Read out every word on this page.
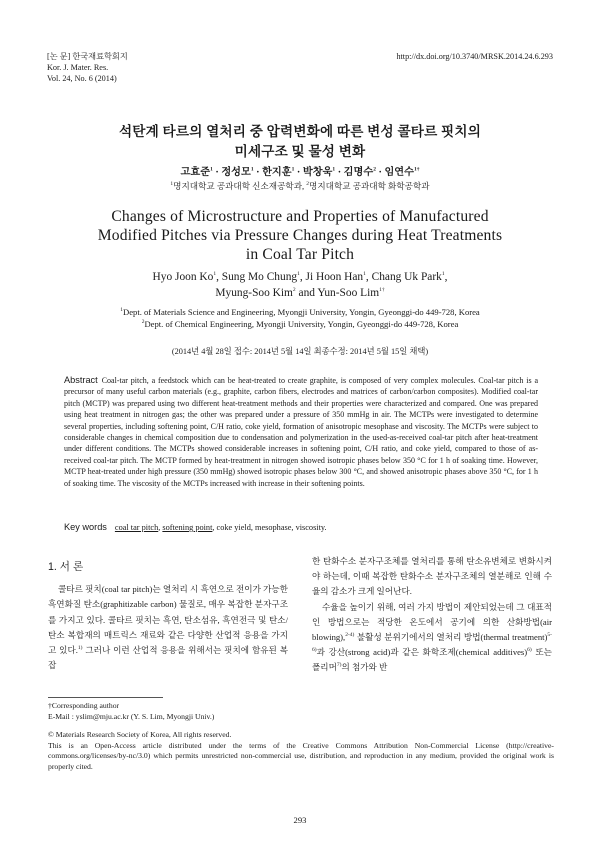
[논 문] 한국재료학회지
Kor. J. Mater. Res.
Vol. 24, No. 6 (2014)
http://dx.doi.org/10.3740/MRSK.2014.24.6.293
석탄계 타르의 열처리 중 압력변화에 따른 변성 콜타르 핏치의
미세구조 및 물성 변화
고효준$^1$ · 정성모$^1$ · 한지훈$^1$ · 박창욱$^1$ · 김명수$^2$ · 임연수$^{1\dagger}$
$^1$명지대학교 공과대학 신소재공학과, $^2$명지대학교 공과대학 화학공학과
Changes of Microstructure and Properties of Manufactured
Modified Pitches via Pressure Changes during Heat Treatments
in Coal Tar Pitch
Hyo Joon Ko$^1$, Sung Mo Chung$^1$, Ji Hoon Han$^1$, Chang Uk Park$^1$,
Myung-Soo Kim$^2$ and Yun-Soo Lim$^{1\dagger}$
$^1$Dept. of Materials Science and Engineering, Myongji University, Yongin, Gyeonggi-do 449-728, Korea
$^2$Dept. of Chemical Engineering, Myongji University, Yongin, Gyeonggi-do 449-728, Korea
(2014년 4월 28일 접수: 2014년 5월 14일 최종수정: 2014년 5월 15일 채택)
Abstract Coal-tar pitch, a feedstock which can be heat-treated to create graphite, is composed of very complex molecules. Coal-tar pitch is a precursor of many useful carbon materials (e.g., graphite, carbon fibers, electrodes and matrices of carbon/carbon composites). Modified coal-tar pitch (MCTP) was prepared using two different heat-treatment methods and their properties were characterized and compared. One was prepared using heat treatment in nitrogen gas; the other was prepared under a pressure of 350 mmHg in air. The MCTPs were investigated to determine several properties, including softening point, C/H ratio, coke yield, formation of anisotropic mesophase and viscosity. The MCTPs were subject to considerable changes in chemical composition due to condensation and polymerization in the used-as-received coal-tar pitch after heat-treatment under different conditions. The MCTPs showed considerable increases in softening point, C/H ratio, and coke yield, compared to those of as-received coal-tar pitch. The MCTP formed by heat-treatment in nitrogen showed isotropic phases below 350 °C for 1 h of soaking time. However, MCTP heat-treated under high pressure (350 mmHg) showed isotropic phases below 300 °C, and showed anisotropic phases above 350 °C, for 1 h of soaking time. The viscosity of the MCTPs increased with increase in their softening points.
Key words coal tar pitch, softening point, coke yield, mesophase, viscosity.
1. 서 론
콜타르 핏치(coal tar pitch)는 열처리 시 흑연으로 전이가 가능한 흑연화질 탄소(graphitizable carbon) 물질로, 매우 복잡한 분자구조를 가지고 있다. 콜타르 핏치는 흑연, 탄소섬유, 흑연전극 및 탄소/탄소 복합재의 매트릭스 재료와 같은 다양한 산업적 응용을 가지고 있다.$^{1)}$ 그러나 이런 산업적 응용을 위해서는 핏치에 함유된 복잡
한 탄화수소 분자구조체를 열처리를 통해 탄소유변체로 변화시켜야 하는데, 이때 복잡한 탄화수소 분자구조체의 열분해로 인해 수율의 감소가 크게 일어난다.
수율을 높이기 위해, 여러 가지 방법이 제안되었는데 그 대표적인 방법으로는 적당한 온도에서 공기에 의한 산화방법(air blowing),$^{2-4)}$ 불활성 분위기에서의 열처리 방법(thermal treatment)$^{5-6)}$과 강산(strong acid)과 같은 화학조제(chemical additives)$^{6)}$ 또는 폴리머$^{7)}$의 첨가와 반
†Corresponding author
E-Mail : yslim@mju.ac.kr (Y. S. Lim, Myongji Univ.)
© Materials Research Society of Korea, All rights reserved.
This is an Open-Access article distributed under the terms of the Creative Commons Attribution Non-Commercial License (http://creative-commons.org/licenses/by-nc/3.0) which permits unrestricted non-commercial use, distribution, and reproduction in any medium, provided the original work is properly cited.
293
